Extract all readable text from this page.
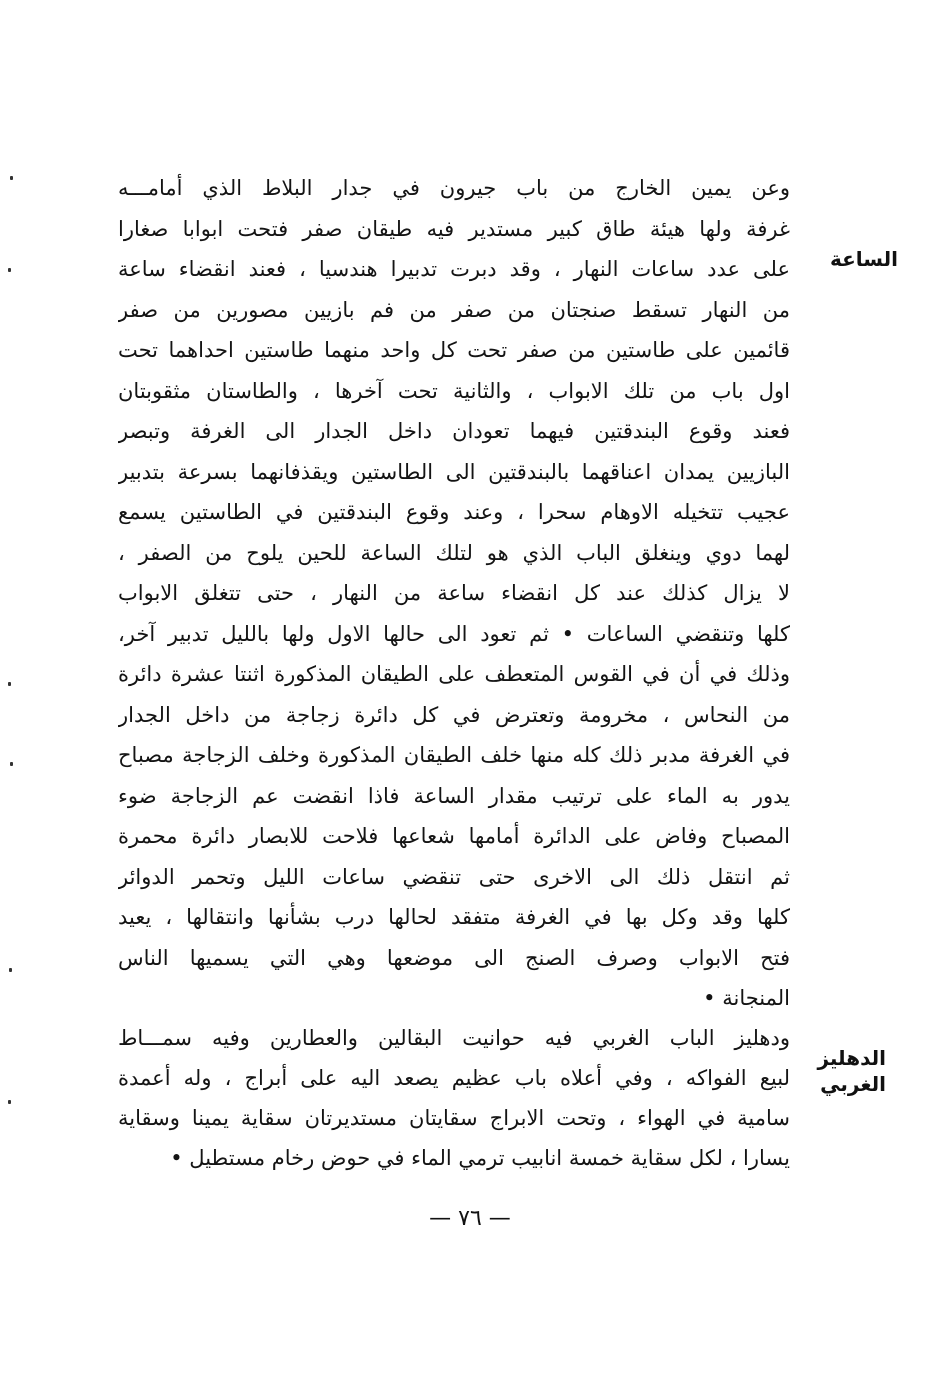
وعن يمين الخارج من باب جيرون في جدار البلاط الذي أمامـــه
غرفة ولها هيئة طاق كبير مستدير فيه طيقان صفر فتحت ابوابا صغارا
على عدد ساعات النهار ، وقد دبرت تدبيرا هندسيا ، فعند انقضاء ساعة
من النهار تسقط صنجتان من صفر من فم بازيين مصورين من صفر
قائمين على طاستين من صفر تحت كل واحد منهما طاستين احداهما تحت
اول باب من تلك الابواب ، والثانية تحت آخرها ، والطاستان مثقوبتان
فعند وقوع البندقتين فيهما تعودان داخل الجدار الى الغرفة وتبصر
البازيين يمدان اعناقهما بالبندقتين الى الطاستين ويقذفانهما بسرعة بتدبير
عجيب تتخيله الاوهام سحرا ، وعند وقوع البندقتين في الطاستين يسمع
لهما دوي وينغلق الباب الذي هو لتلك الساعة للحين يلوح من الصفر ،
لا يزال كذلك عند كل انقضاء ساعة من النهار ، حتى تتغلق الابواب
كلها وتنقضي الساعات • ثم تعود الى حالها الاول ولها بالليل تدبير آخر،
وذلك في أن في القوس المتعطف على الطيقان المذكورة اثنتا عشرة دائرة
من النحاس ، مخرومة وتعترض في كل دائرة زجاجة من داخل الجدار
في الغرفة مدبر ذلك كله منها خلف الطيقان المذكورة وخلف الزجاجة مصباح
يدور به الماء على ترتيب مقدار الساعة فاذا انقضت عم الزجاجة ضوء
المصباح وفاض على الدائرة أمامها شعاعها فلاحت للابصار دائرة محمرة
ثم انتقل ذلك الى الاخرى حتى تنقضي ساعات الليل وتحمر الدوائر
كلها وقد وكل بها في الغرفة متفقد لحالها درب بشأنها وانتقالها ، يعيد
فتح الابواب وصرف الصنج الى موضعها وهي التي يسميها الناس
المنجانة •
ودهليز الباب الغربي فيه حوانيت البقالين والعطارين وفيه سمـــاط
لبيع الفواكه ، وفي أعلاه باب عظيم يصعد اليه على أبراج ، وله أعمدة
سامية في الهواء ، وتحت الابراج سقايتان مستديرتان سقاية يمينا وسقاية
يسارا ، لكل سقاية خمسة انابيب ترمي الماء في حوض رخام مستطيل •
الساعة
الدهليز الغربي
— ٧٦ —
